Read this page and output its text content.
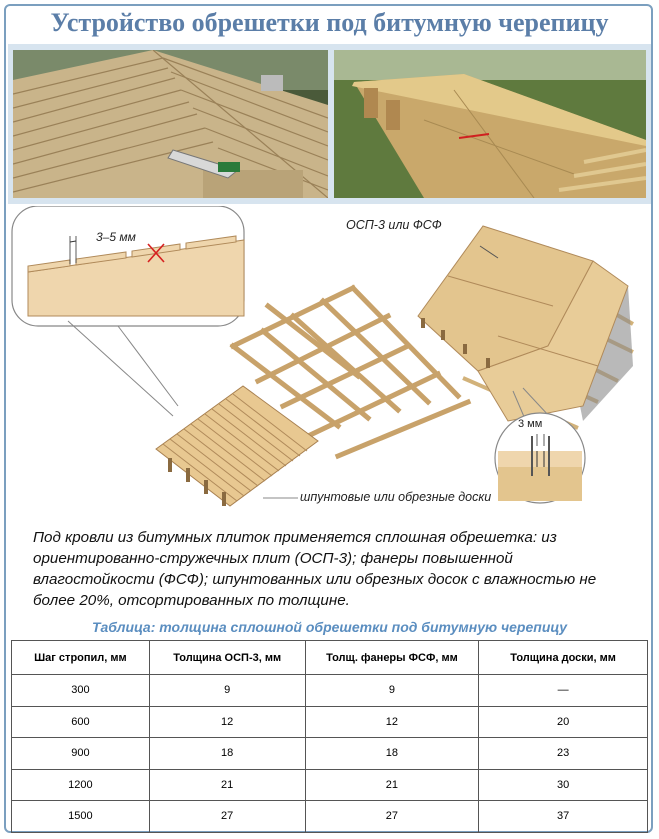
Устройство обрешетки под битумную черепицу
3–5 мм
ОСП-3 или ФСФ
3 мм
шпунтовые или обрезные доски
Под кровли из битумных плиток применяется сплошная обрешетка: из ориентированно-стружечных плит (ОСП-3); фанеры повышенной влагостойкости (ФСФ); шпунтованных или обрезных досок с влажностью не более 20%, отсортированных по толщине.
Таблица: толщина сплошной обрешетки под битумную черепицу
Шаг стропил, мм	Толщина ОСП-3, мм	Толщ. фанеры ФСФ, мм	Толщина доски, мм
300	9	9	—
600	12	12	20
900	18	18	23
1200	21	21	30
1500	27	27	37
